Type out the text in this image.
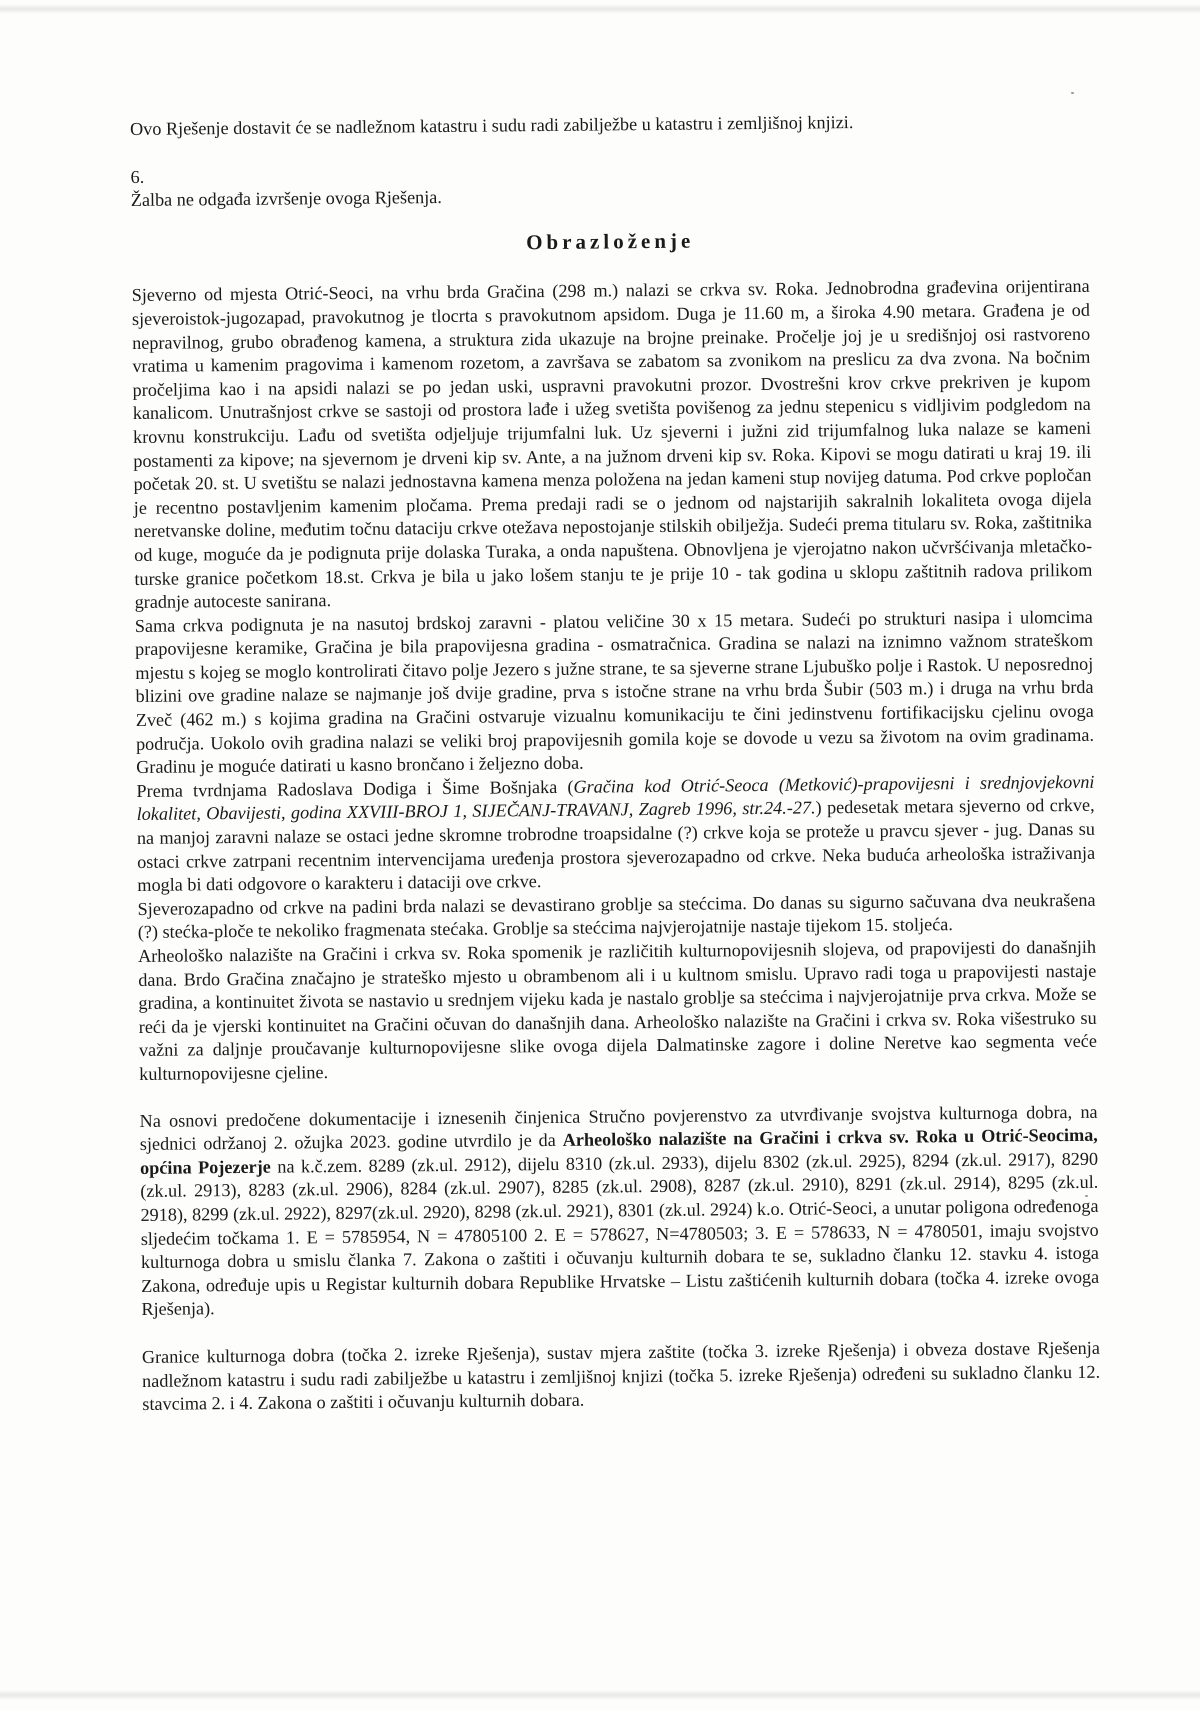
Ovo Rješenje dostavit će se nadležnom katastru i sudu radi zabilježbe u katastru i zemljišnoj knjizi.

6.

Žalba ne odgađa izvršenje ovoga Rješenja.

Obrazloženje

Sjeverno od mjesta Otrić-Seoci, na vrhu brda Gračina (298 m.) nalazi se crkva sv. Roka. Jednobrodna građevina orijentirana sjeveroistok-jugozapad, pravokutnog je tlocrta s pravokutnom apsidom. Duga je 11.60 m, a široka 4.90 metara. Građena je od nepravilnog, grubo obrađenog kamena, a struktura zida ukazuje na brojne preinake. Pročelje joj je u središnjoj osi rastvoreno vratima u kamenim pragovima i kamenom rozetom, a završava se zabatom sa zvonikom na preslicu za dva zvona. Na bočnim pročeljima kao i na apsidi nalazi se po jedan uski, uspravni pravokutni prozor. Dvostrešni krov crkve prekriven je kupom kanalicom. Unutrašnjost crkve se sastoji od prostora lađe i užeg svetišta povišenog za jednu stepenicu s vidljivim podgledom na krovnu konstrukciju. Lađu od svetišta odjeljuje trijumfalni luk. Uz sjeverni i južni zid trijumfalnog luka nalaze se kameni postamenti za kipove; na sjevernom je drveni kip sv. Ante, a na južnom drveni kip sv. Roka. Kipovi se mogu datirati u kraj 19. ili početak 20. st. U svetištu se nalazi jednostavna kamena menza položena na jedan kameni stup novijeg datuma. Pod crkve popločan je recentno postavljenim kamenim pločama. Prema predaji radi se o jednom od najstarijih sakralnih lokaliteta ovoga dijela neretvanske doline, međutim točnu dataciju crkve otežava nepostojanje stilskih obilježja. Sudeći prema titularu sv. Roka, zaštitnika od kuge, moguće da je podignuta prije dolaska Turaka, a onda napuštena. Obnovljena je vjerojatno nakon učvršćivanja mletačko-turske granice početkom 18.st. Crkva je bila u jako lošem stanju te je prije 10 - tak godina u sklopu zaštitnih radova prilikom gradnje autoceste sanirana.

Sama crkva podignuta je na nasutoj brdskoj zaravni - platou veličine 30 x 15 metara. Sudeći po strukturi nasipa i ulomcima prapovijesne keramike, Gračina je bila prapovijesna gradina - osmatračnica. Gradina se nalazi na iznimno važnom strateškom mjestu s kojeg se moglo kontrolirati čitavo polje Jezero s južne strane, te sa sjeverne strane Ljubuško polje i Rastok. U neposrednoj blizini ove gradine nalaze se najmanje još dvije gradine, prva s istočne strane na vrhu brda Šubir (503 m.) i druga na vrhu brda Zveč (462 m.) s kojima gradina na Gračini ostvaruje vizualnu komunikaciju te čini jedinstvenu fortifikacijsku cjelinu ovoga područja. Uokolo ovih gradina nalazi se veliki broj prapovijesnih gomila koje se dovode u vezu sa životom na ovim gradinama. Gradinu je moguće datirati u kasno brončano i željezno doba.

Prema tvrdnjama Radoslava Dodiga i Šime Bošnjaka (Gračina kod Otrić-Seoca (Metković)-prapovijesni i srednjovjekovni lokalitet, Obavijesti, godina XXVIII-BROJ 1, SIJEČANJ-TRAVANJ, Zagreb 1996, str.24.-27.) pedesetak metara sjeverno od crkve, na manjoj zaravni nalaze se ostaci jedne skromne trobrodne troapsidalne (?) crkve koja se proteže u pravcu sjever - jug. Danas su ostaci crkve zatrpani recentnim intervencijama uređenja prostora sjeverozapadno od crkve. Neka buduća arheološka istraživanja mogla bi dati odgovore o karakteru i dataciji ove crkve.

Sjeverozapadno od crkve na padini brda nalazi se devastirano groblje sa stećcima. Do danas su sigurno sačuvana dva neukrašena (?) stećka-ploče te nekoliko fragmenata stećaka. Groblje sa stećcima najvjerojatnije nastaje tijekom 15. stoljeća.

Arheološko nalazište na Gračini i crkva sv. Roka spomenik je različitih kulturnopovijesnih slojeva, od prapovijesti do današnjih dana. Brdo Gračina značajno je strateško mjesto u obrambenom ali i u kultnom smislu. Upravo radi toga u prapovijesti nastaje gradina, a kontinuitet života se nastavio u srednjem vijeku kada je nastalo groblje sa stećcima i najvjerojatnije prva crkva. Može se reći da je vjerski kontinuitet na Gračini očuvan do današnjih dana. Arheološko nalazište na Gračini i crkva sv. Roka višestruko su važni za daljnje proučavanje kulturnopovijesne slike ovoga dijela Dalmatinske zagore i doline Neretve kao segmenta veće kulturnopovijesne cjeline.

Na osnovi predočene dokumentacije i iznesenih činjenica Stručno povjerenstvo za utvrđivanje svojstva kulturnoga dobra, na sjednici održanoj 2. ožujka 2023. godine utvrdilo je da Arheološko nalazište na Gračini i crkva sv. Roka u Otrić-Seocima, općina Pojezerje na k.č.zem. 8289 (zk.ul. 2912), dijelu 8310 (zk.ul. 2933), dijelu 8302 (zk.ul. 2925), 8294 (zk.ul. 2917), 8290 (zk.ul. 2913), 8283 (zk.ul. 2906), 8284 (zk.ul. 2907), 8285 (zk.ul. 2908), 8287 (zk.ul. 2910), 8291 (zk.ul. 2914), 8295 (zk.ul. 2918), 8299 (zk.ul. 2922), 8297(zk.ul. 2920), 8298 (zk.ul. 2921), 8301 (zk.ul. 2924) k.o. Otrić-Seoci, a unutar poligona određenoga sljedećim točkama 1. E = 5785954, N = 47805100 2. E = 578627, N=4780503; 3. E = 578633, N = 4780501, imaju svojstvo kulturnoga dobra u smislu članka 7. Zakona o zaštiti i očuvanju kulturnih dobara te se, sukladno članku 12. stavku 4. istoga Zakona, određuje upis u Registar kulturnih dobara Republike Hrvatske – Listu zaštićenih kulturnih dobara (točka 4. izreke ovoga Rješenja).

Granice kulturnoga dobra (točka 2. izreke Rješenja), sustav mjera zaštite (točka 3. izreke Rješenja) i obveza dostave Rješenja nadležnom katastru i sudu radi zabilježbe u katastru i zemljišnoj knjizi (točka 5. izreke Rješenja) određeni su sukladno članku 12. stavcima 2. i 4. Zakona o zaštiti i očuvanju kulturnih dobara.
